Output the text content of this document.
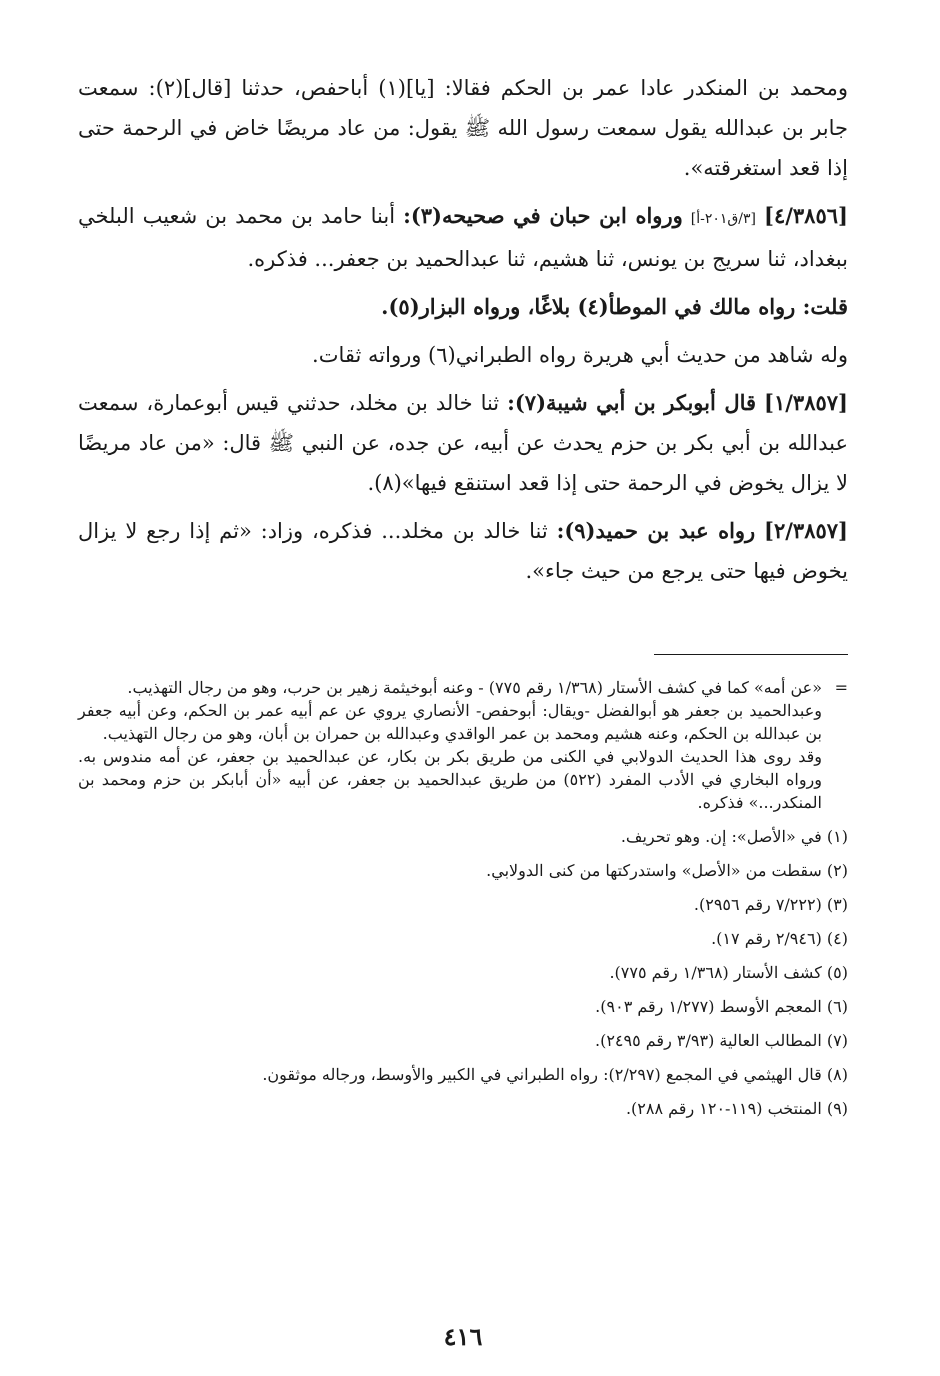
ومحمد بن المنكدر عادا عمر بن الحكم فقالا: [يا](١) أباحفص، حدثنا [قال](٢): سمعت جابر بن عبدالله يقول سمعت رسول الله ﷺ يقول: من عاد مريضًا خاض في الرحمة حتى إذا قعد استغرقته».

[٤/٣٨٥٦] [٣/ق٢٠١-أ] ورواه ابن حبان في صحيحه(٣): أبنا حامد بن محمد بن شعيب البلخي ببغداد، ثنا سريج بن يونس، ثنا هشيم، ثنا عبدالحميد بن جعفر... فذكره.

قلت: رواه مالك في الموطأ(٤) بلاغًا، ورواه البزار(٥).

وله شاهد من حديث أبي هريرة رواه الطبراني(٦) ورواته ثقات.

[١/٣٨٥٧] قال أبوبكر بن أبي شيبة(٧): ثنا خالد بن مخلد، حدثني قيس أبوعمارة، سمعت عبدالله بن أبي بكر بن حزم يحدث عن أبيه، عن جده، عن النبي ﷺ قال: «من عاد مريضًا لا يزال يخوض في الرحمة حتى إذا قعد استنقع فيها»(٨).

[٢/٣٨٥٧] رواه عبد بن حميد(٩): ثنا خالد بن مخلد... فذكره، وزاد: «ثم إذا رجع لا يزال يخوض فيها حتى يرجع من حيث جاء».

=
«عن أمه» كما في كشف الأستار (١/٣٦٨ رقم ٧٧٥) - وعنه أبوخيثمة زهير بن حرب، وهو من رجال التهذيب.
وعبدالحميد بن جعفر هو أبوالفضل -ويقال: أبوحفص- الأنصاري يروي عن عم أبيه عمر بن الحكم، وعن أبيه جعفر بن عبدالله بن الحكم، وعنه هشيم ومحمد بن عمر الواقدي وعبدالله بن حمران بن أبان، وهو من رجال التهذيب.
وقد روى هذا الحديث الدولابي في الكنى من طريق بكر بن بكار، عن عبدالحميد بن جعفر، عن أمه مندوس به. ورواه البخاري في الأدب المفرد (٥٢٢) من طريق عبدالحميد بن جعفر، عن أبيه «أن أبابكر بن حزم ومحمد بن المنكدر...» فذكره.
(١) في «الأصل»: إن. وهو تحريف.
(٢) سقطت من «الأصل» واستدركتها من كنى الدولابي.
(٣) (٧/٢٢٢ رقم ٢٩٥٦).
(٤) (٢/٩٤٦ رقم ١٧).
(٥) كشف الأستار (١/٣٦٨ رقم ٧٧٥).
(٦) المعجم الأوسط (١/٢٧٧ رقم ٩٠٣).
(٧) المطالب العالية (٣/٩٣ رقم ٢٤٩٥).
(٨) قال الهيثمي في المجمع (٢/٢٩٧): رواه الطبراني في الكبير والأوسط، ورجاله موثقون.
(٩) المنتخب (١١٩-١٢٠ رقم ٢٨٨).
٤١٦
